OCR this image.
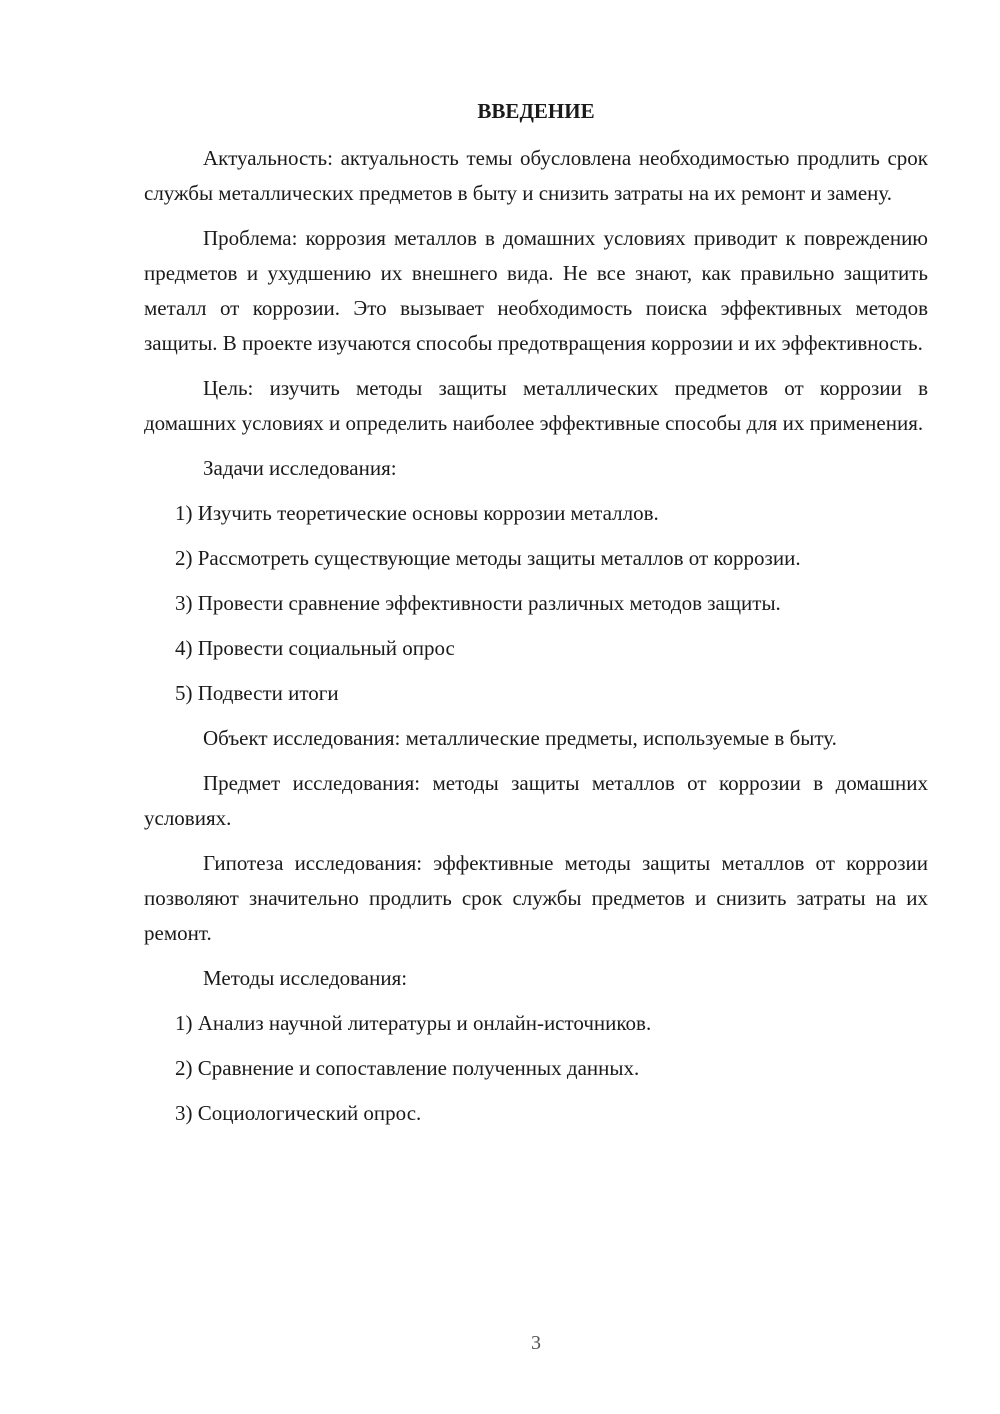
ВВЕДЕНИЕ

Актуальность: актуальность темы обусловлена необходимостью продлить срок службы металлических предметов в быту и снизить затраты на их ремонт и замену.

Проблема: коррозия металлов в домашних условиях приводит к повреждению предметов и ухудшению их внешнего вида. Не все знают, как правильно защитить металл от коррозии. Это вызывает необходимость поиска эффективных методов защиты. В проекте изучаются способы предотвращения коррозии и их эффективность.

Цель: изучить методы защиты металлических предметов от коррозии в домашних условиях и определить наиболее эффективные способы для их применения.

Задачи исследования:

1) Изучить теоретические основы коррозии металлов.

2) Рассмотреть существующие методы защиты металлов от коррозии.

3) Провести сравнение эффективности различных методов защиты.

4) Провести социальный опрос

5) Подвести итоги

Объект исследования: металлические предметы, используемые в быту.

Предмет исследования: методы защиты металлов от коррозии в домашних условиях.

Гипотеза исследования: эффективные методы защиты металлов от коррозии позволяют значительно продлить срок службы предметов и снизить затраты на их ремонт.

Методы исследования:

1) Анализ научной литературы и онлайн-источников.

2) Сравнение и сопоставление полученных данных.

3) Социологический опрос.

3
